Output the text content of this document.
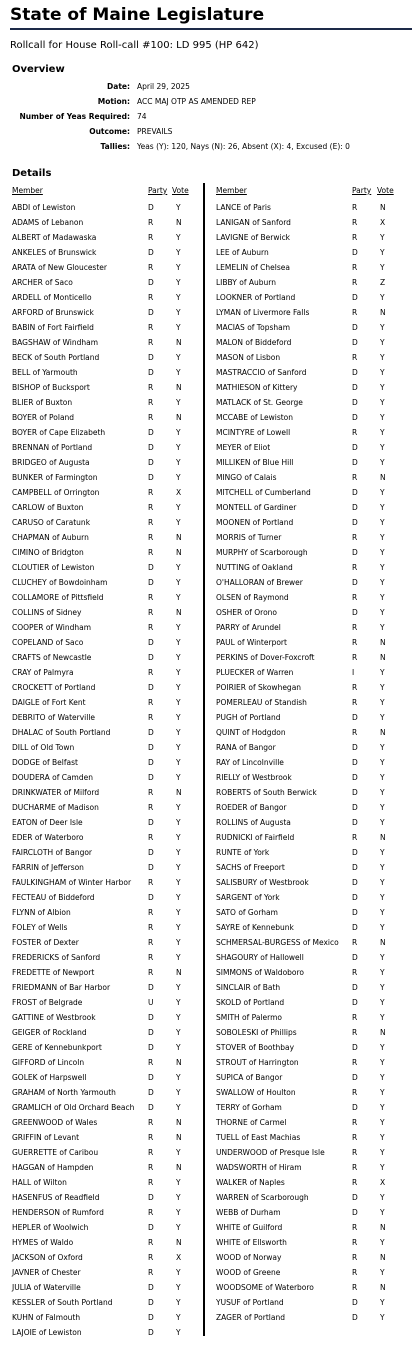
State of Maine Legislature
Rollcall for House Roll-call #100: LD 995 (HP 642)
Overview
Date: April 29, 2025
Motion: ACC MAJ OTP AS AMENDED REP
Number of Yeas Required: 74
Outcome: PREVAILS
Tallies: Yeas (Y): 120, Nays (N): 26, Absent (X): 4, Excused (E): 0
Details
Member	Party Vote
ABDI of Lewiston	D	Y
ADAMS of Lebanon	R	N
ALBERT of Madawaska	R	Y
ANKELES of Brunswick	D	Y
ARATA of New Gloucester	R	Y
ARCHER of Saco	D	Y
ARDELL of Monticello	R	Y
ARFORD of Brunswick	D	Y
BABIN of Fort Fairfield	R	Y
BAGSHAW of Windham	R	N
BECK of South Portland	D	Y
BELL of Yarmouth	D	Y
BISHOP of Bucksport	R	N
BLIER of Buxton	R	Y
BOYER of Poland	R	N
BOYER of Cape Elizabeth	D	Y
BRENNAN of Portland	D	Y
BRIDGEO of Augusta	D	Y
BUNKER of Farmington	D	Y
CAMPBELL of Orrington	R	X
CARLOW of Buxton	R	Y
CARUSO of Caratunk	R	Y
CHAPMAN of Auburn	R	N
CIMINO of Bridgton	R	N
CLOUTIER of Lewiston	D	Y
CLUCHEY of Bowdoinham	D	Y
COLLAMORE of Pittsfield	R	Y
COLLINS of Sidney	R	N
COOPER of Windham	R	Y
COPELAND of Saco	D	Y
CRAFTS of Newcastle	D	Y
CRAY of Palmyra	R	Y
CROCKETT of Portland	D	Y
DAIGLE of Fort Kent	R	Y
DEBRITO of Waterville	R	Y
DHALAC of South Portland	D	Y
DILL of Old Town	D	Y
DODGE of Belfast	D	Y
DOUDERA of Camden	D	Y
DRINKWATER of Milford	R	N
DUCHARME of Madison	R	Y
EATON of Deer Isle	D	Y
EDER of Waterboro	R	Y
FAIRCLOTH of Bangor	D	Y
FARRIN of Jefferson	D	Y
FAULKINGHAM of Winter Harbor R	Y
FECTEAU of Biddeford	D	Y
FLYNN of Albion	R	Y
FOLEY of Wells	R	Y
FOSTER of Dexter	R	Y
FREDERICKS of Sanford	R	Y
FREDETTE of Newport	R	N
FRIEDMANN of Bar Harbor	D	Y
FROST of Belgrade	U	Y
GATTINE of Westbrook	D	Y
GEIGER of Rockland	D	Y
GERE of Kennebunkport	D	Y
GIFFORD of Lincoln	R	N
GOLEK of Harpswell	D	Y
GRAHAM of North Yarmouth	D	Y
GRAMLICH of Old Orchard Beach D	Y
GREENWOOD of Wales	R	N
GRIFFIN of Levant	R	N
GUERRETTE of Caribou	R	Y
HAGGAN of Hampden	R	N
HALL of Wilton	R	Y
HASENFUS of Readfield	D	Y
HENDERSON of Rumford	R	Y
HEPLER of Woolwich	D	Y
HYMES of Waldo	R	N
JACKSON of Oxford	R	X
JAVNER of Chester	R	Y
JULIA of Waterville	D	Y
KESSLER of South Portland	D	Y
KUHN of Falmouth	D	Y
LAJOIE of Lewiston	D	Y
Member	Party Vote
LANCE of Paris	R	N
LANIGAN of Sanford	R	X
LAVIGNE of Berwick	R	Y
LEE of Auburn	D	Y
LEMELIN of Chelsea	R	Y
LIBBY of Auburn	R	Z
LOOKNER of Portland	D	Y
LYMAN of Livermore Falls	R	N
MACIAS of Topsham	D	Y
MALON of Biddeford	D	Y
MASON of Lisbon	R	Y
MASTRACCIO of Sanford	D	Y
MATHIESON of Kittery	D	Y
MATLACK of St. George	D	Y
MCCABE of Lewiston	D	Y
MCINTYRE of Lowell	R	Y
MEYER of Eliot	D	Y
MILLIKEN of Blue Hill	D	Y
MINGO of Calais	R	N
MITCHELL of Cumberland	D	Y
MONTELL of Gardiner	D	Y
MOONEN of Portland	D	Y
MORRIS of Turner	R	Y
MURPHY of Scarborough	D	Y
NUTTING of Oakland	R	Y
O'HALLORAN of Brewer	D	Y
OLSEN of Raymond	R	Y
OSHER of Orono	D	Y
PARRY of Arundel	R	Y
PAUL of Winterport	R	N
PERKINS of Dover-Foxcroft	R	N
PLUECKER of Warren	I	Y
POIRIER of Skowhegan	R	Y
POMERLEAU of Standish	R	Y
PUGH of Portland	D	Y
QUINT of Hodgdon	R	N
RANA of Bangor	D	Y
RAY of Lincolnville	D	Y
RIELLY of Westbrook	D	Y
ROBERTS of South Berwick	D	Y
ROEDER of Bangor	D	Y
ROLLINS of Augusta	D	Y
RUDNICKI of Fairfield	R	N
RUNTE of York	D	Y
SACHS of Freeport	D	Y
SALISBURY of Westbrook	D	Y
SARGENT of York	D	Y
SATO of Gorham	D	Y
SAYRE of Kennebunk	D	Y
SCHMERSAL-BURGESS of Mexico R	N
SHAGOURY of Hallowell	D	Y
SIMMONS of Waldoboro	R	Y
SINCLAIR of Bath	D	Y
SKOLD of Portland	D	Y
SMITH of Palermo	R	Y
SOBOLESKI of Phillips	R	N
STOVER of Boothbay	D	Y
STROUT of Harrington	R	Y
SUPICA of Bangor	D	Y
SWALLOW of Houlton	R	Y
TERRY of Gorham	D	Y
THORNE of Carmel	R	Y
TUELL of East Machias	R	Y
UNDERWOOD of Presque Isle	R	Y
WADSWORTH of Hiram	R	Y
WALKER of Naples	R	X
WARREN of Scarborough	D	Y
WEBB of Durham	D	Y
WHITE of Guilford	R	N
WHITE of Ellsworth	R	Y
WOOD of Norway	R	N
WOOD of Greene	R	Y
WOODSOME of Waterboro	R	N
YUSUF of Portland	D	Y
ZAGER of Portland	D	Y
